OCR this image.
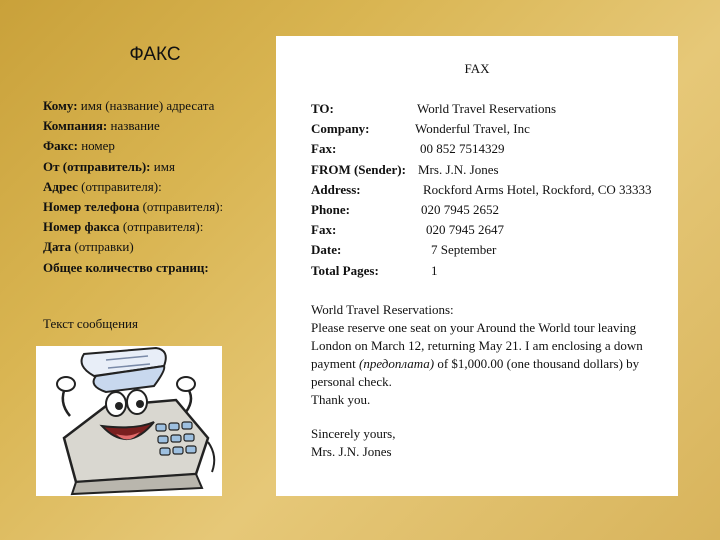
ФАКС
Кому: имя (название) адресата
Компания: название
Факс: номер
От (отправитель): имя
Адрес (отправителя):
Номер телефона (отправителя):
Номер факса (отправителя):
Дата (отправки)
Общее количество страниц:
Текст сообщения
FAX
TO:	World Travel Reservations
Company:	Wonderful Travel, Inc
Fax:	00 852 7514329
FROM (Sender): Mrs. J.N. Jones
Address:	Rockford Arms Hotel, Rockford, CO 33333
Phone:	020 7945 2652
Fax:	020 7945 2647
Date:	7 September
Total Pages:	1

World Travel Reservations:

Please reserve one seat on your Around the World tour leaving London on March 12, returning May 21. I am enclosing a down payment (предоплата) of $1,000.00 (one thousand dollars) by personal check.

Thank you.

Sincerely yours,

Mrs. J.N. Jones
